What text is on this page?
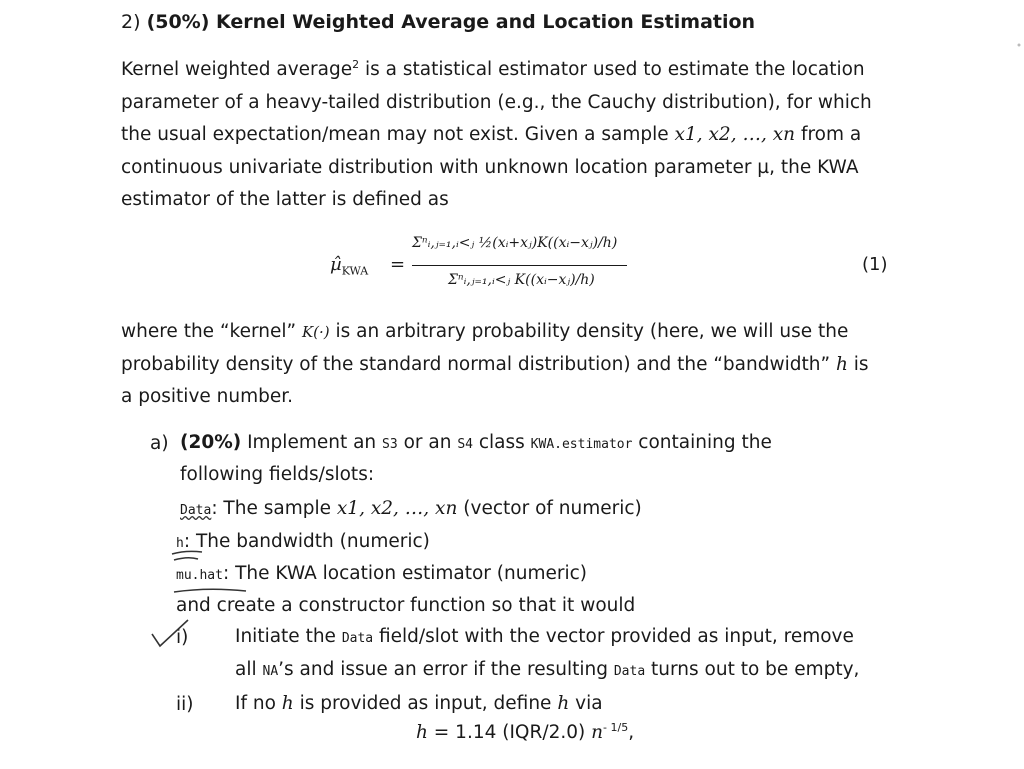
2) (50%) Kernel Weighted Average and Location Estimation
Kernel weighted average$^2$ is a statistical estimator used to estimate the location
parameter of a heavy-tailed distribution (e.g., the Cauchy distribution), for which
the usual expectation/mean may not exist. Given a sample x1, x2, …, xn from a
continuous univariate distribution with unknown location parameter µ, the KWA
estimator of the latter is defined as
$\mû_{KWA}$ =
Σⁿᵢ,ⱼ₌₁,ᵢ<ⱼ ½(xᵢ+xⱼ)K((xᵢ−xⱼ)/h)
Σⁿᵢ,ⱼ₌₁,ᵢ<ⱼ K((xᵢ−xⱼ)/h)
(1)
where the “kernel” K(·) is an arbitrary probability density (here, we will use the
probability density of the standard normal distribution) and the “bandwidth” h is
a positive number.
a) (20%) Implement an S3 or an S4 class KWA.estimator containing the
following fields/slots:
Data: The sample x1, x2, …, xn (vector of numeric)
h: The bandwidth (numeric)
mu.hat: The KWA location estimator (numeric)
and create a constructor function so that it would
i)	Initiate the Data field/slot with the vector provided as input, remove
all NA’s and issue an error if the resulting Data turns out to be empty,
ii) If no h is provided as input, define h via
h = 1.14 (IQR/2.0) $n^{- 1/5}$,
